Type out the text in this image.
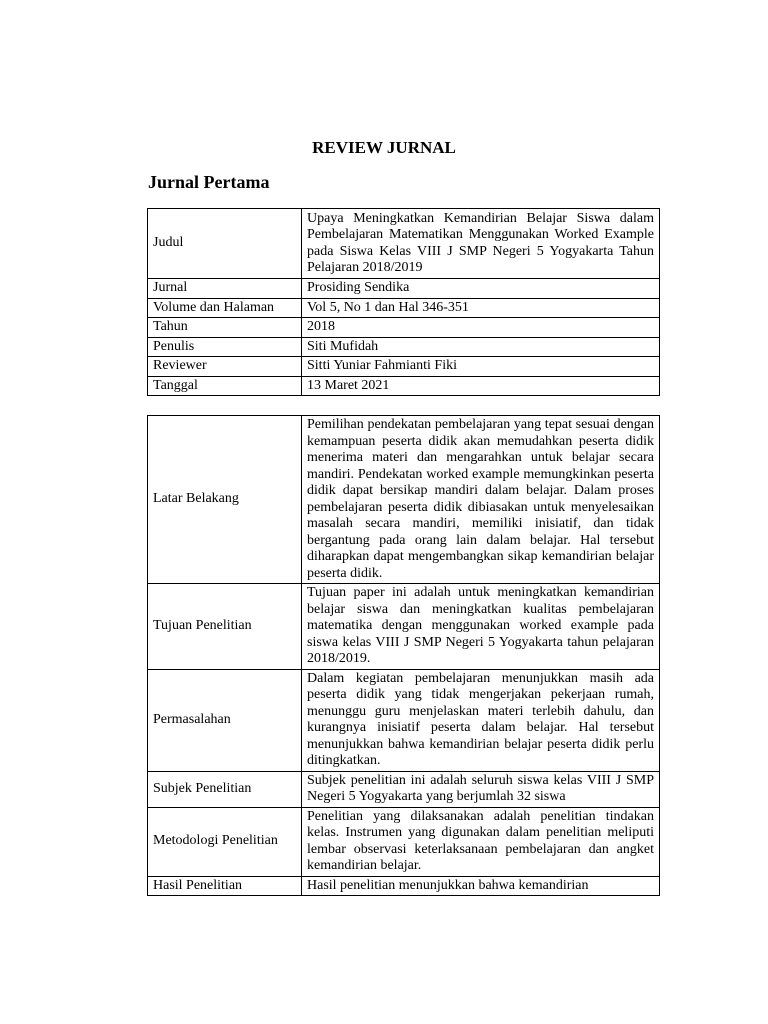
REVIEW JURNAL
Jurnal Pertama
Judul	Upaya Meningkatkan Kemandirian Belajar Siswa dalam Pembelajaran Matematikan Menggunakan Worked Example pada Siswa Kelas VIII J SMP Negeri 5 Yogyakarta Tahun Pelajaran 2018/2019
Jurnal	Prosiding Sendika
Volume dan Halaman	Vol 5, No 1 dan Hal 346-351
Tahun	2018
Penulis	Siti Mufidah
Reviewer	Sitti Yuniar Fahmianti Fiki
Tanggal	13 Maret 2021
Latar Belakang	Pemilihan pendekatan pembelajaran yang tepat sesuai dengan kemampuan peserta didik akan memudahkan peserta didik menerima materi dan mengarahkan untuk belajar secara mandiri. Pendekatan worked example memungkinkan peserta didik dapat bersikap mandiri dalam belajar. Dalam proses pembelajaran peserta didik dibiasakan untuk menyelesaikan masalah secara mandiri, memiliki inisiatif, dan tidak bergantung pada orang lain dalam belajar. Hal tersebut diharapkan dapat mengembangkan sikap kemandirian belajar peserta didik.
Tujuan Penelitian	Tujuan paper ini adalah untuk meningkatkan kemandirian belajar siswa dan meningkatkan kualitas pembelajaran matematika dengan menggunakan worked example pada siswa kelas VIII J SMP Negeri 5 Yogyakarta tahun pelajaran 2018/2019.
Permasalahan	Dalam kegiatan pembelajaran menunjukkan masih ada peserta didik yang tidak mengerjakan pekerjaan rumah, menunggu guru menjelaskan materi terlebih dahulu, dan kurangnya inisiatif peserta dalam belajar. Hal tersebut menunjukkan bahwa kemandirian belajar peserta didik perlu ditingkatkan.
Subjek Penelitian	Subjek penelitian ini adalah seluruh siswa kelas VIII J SMP Negeri 5 Yogyakarta yang berjumlah 32 siswa
Metodologi Penelitian	Penelitian yang dilaksanakan adalah penelitian tindakan kelas. Instrumen yang digunakan dalam penelitian meliputi lembar observasi keterlaksanaan pembelajaran dan angket kemandirian belajar.
Hasil Penelitian	Hasil penelitian menunjukkan bahwa kemandirian
